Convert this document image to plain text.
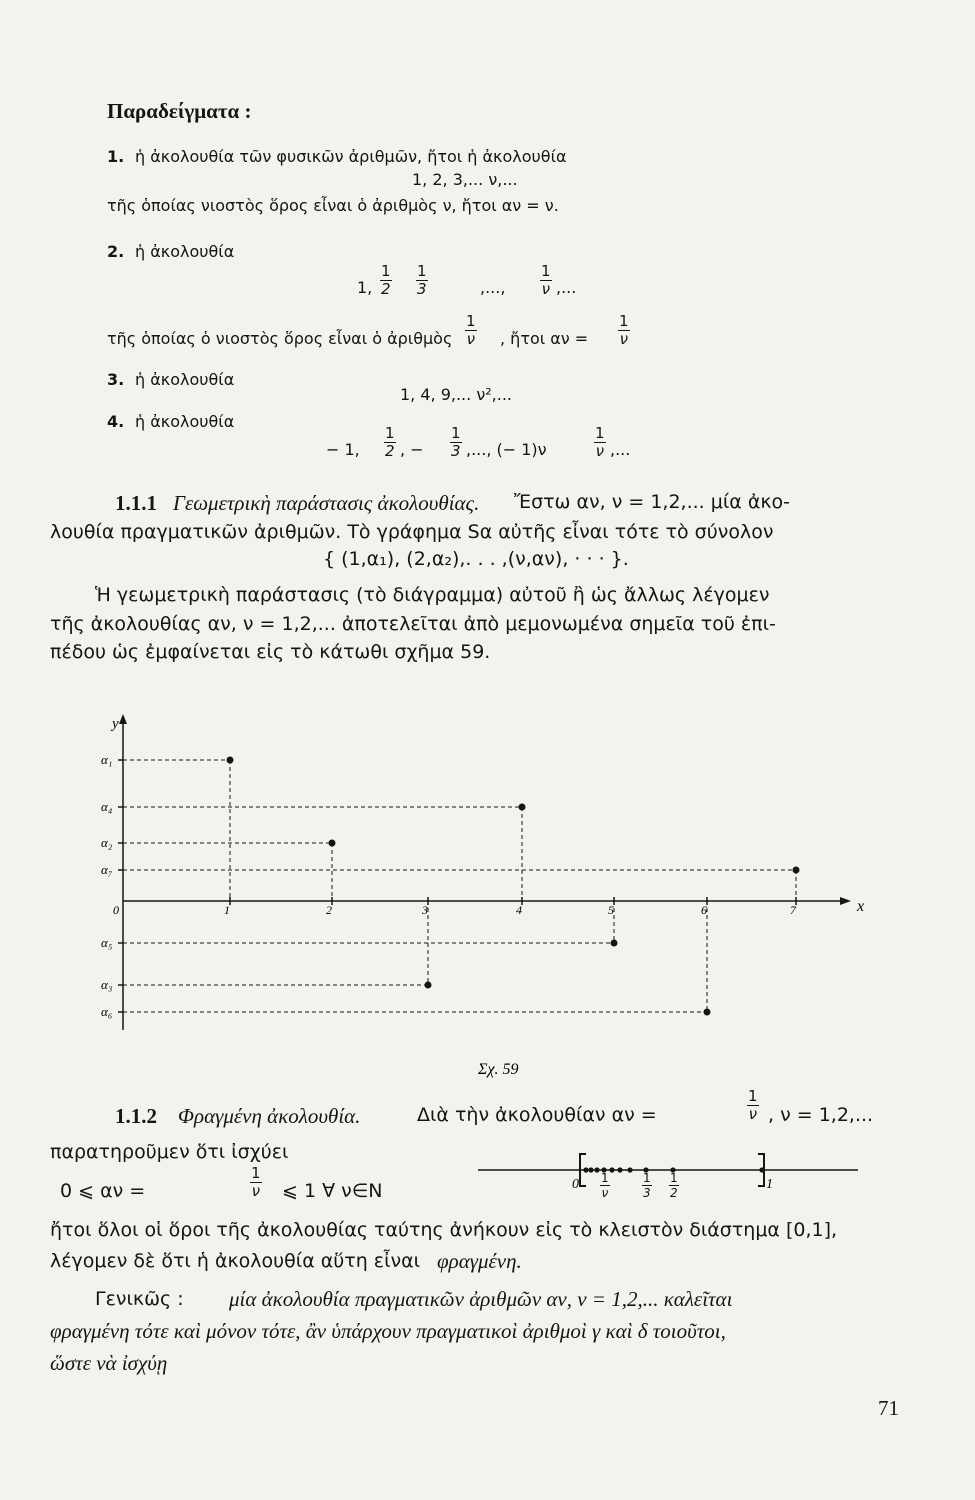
Παραδείγματα :
1. ἡ ἀκολουθία τῶν φυσικῶν ἀριθμῶν, ἤτοι ἡ ἀκολουθία
1, 2, 3,... ν,...
τῆς ὁποίας νιοστὸς ὅρος εἶναι ὁ ἀριθμὸς ν, ἤτοι αν = ν.
2. ἡ ἀκολουθία
1, $\frac{1}{2} \frac{1}{3}$	,..., $\frac{1}{\nu}$ ,...
τῆς ὁποίας ὁ νιοστὸς ὅρος εἶναι ὁ ἀριθμὸς $\frac{1}{\nu}$ , ἤτοι $\alpha\nu = \frac{1}{\nu}$
3. ἡ ἀκολουθία
1, 4, 9,... ν²,...
4. ἡ ἀκολουθία
− 1, $\frac{1}{2}$ , − $\frac{1}{3}$ ,..., (− 1)ν	$\frac{1}{\nu}$ ,...
1.1.1 Γεωμετρικὴ παράστασις ἀκολουθίας. Ἔστω αν, ν = 1,2,... μία ἀκο-
λουθία πραγματικῶν ἀριθμῶν. Τὸ γράφημα Sα αὐτῆς εἶναι τότε τὸ σύνολον
{ (1,α₁), (2,α₂),. . . ,(ν,αν), · · · }.
Ἡ γεωμετρικὴ παράστασις (τὸ διάγραμμα) αὐτοῦ ἢ ὡς ἄλλως λέγομεν
τῆς ἀκολουθίας αν, ν = 1,2,... ἀποτελεῖται ἀπὸ μεμονωμένα σημεῖα τοῦ ἐπι-
πέδου ὡς ἐμφαίνεται εἰς τὸ κάτωθι σχῆμα 59.
y
x
α₁
α₄
α₂
α₇
α₅
α₃
α₆
0	1	2	3	4	5	6	7
Σχ. 59
1.1.2 Φραγμένη ἀκολουθία.	Διὰ τὴν ἀκολουθίαν αν =	$\frac{1}{\nu}$ , ν = 1,2,...
παρατηροῦμεν ὅτι ἰσχύει
0 ⩽ αν =	$\frac{1}{\nu}$ ⩽ 1 ∀ ν∈N	0	1
$\frac{1}{\nu}$	$\frac{1}{3} \frac{1}{2}$
ἤτοι ὅλοι οἱ ὅροι τῆς ἀκολουθίας ταύτης ἀνήκουν εἰς τὸ κλειστὸν διάστημα [0,1],
λέγομεν δὲ ὅτι ἡ ἀκολουθία αὕτη εἶναι φραγμένη.
Γενικῶς : μία ἀκολουθία πραγματικῶν ἀριθμῶν αν, ν = 1,2,... καλεῖται
φραγμένη τότε καὶ μόνον τότε, ἂν ὑπάρχουν πραγματικοὶ ἀριθμοὶ γ καὶ δ τοιοῦτοι,
ὥστε νὰ ἰσχύῃ
71
